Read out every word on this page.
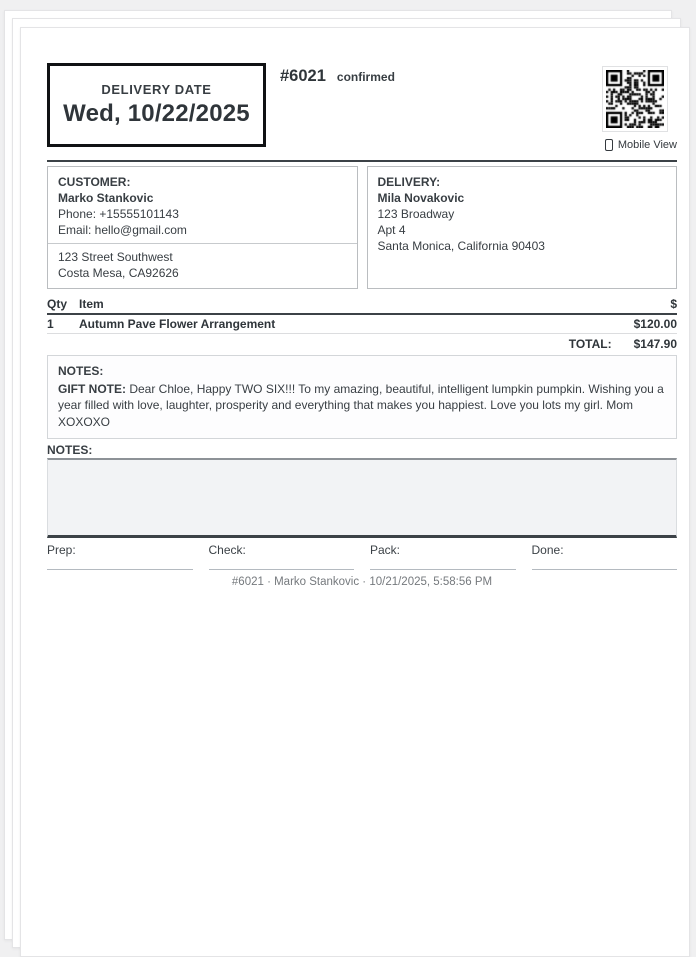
DELIVERY DATE
Wed, 10/22/2025
#6021 confirmed
Mobile View
CUSTOMER:
Marko Stankovic
Phone: +15555101143
Email: hello@gmail.com
123 Street Southwest
Costa Mesa, CA92626
DELIVERY:
Mila Novakovic
123 Broadway
Apt 4
Santa Monica, California 90403
Qty Item	$
1	Autumn Pave Flower Arrangement	$120.00
TOTAL: $147.90
NOTES:
GIFT NOTE: Dear Chloe, Happy TWO SIX!!! To my amazing, beautiful, intelligent lumpkin pumpkin. Wishing you a year filled with love, laughter, prosperity and everything that makes you happiest. Love you lots my girl. Mom XOXOXO
NOTES:
Prep:	Check:	Pack:	Done:
#6021 · Marko Stankovic · 10/21/2025, 5:58:56 PM
